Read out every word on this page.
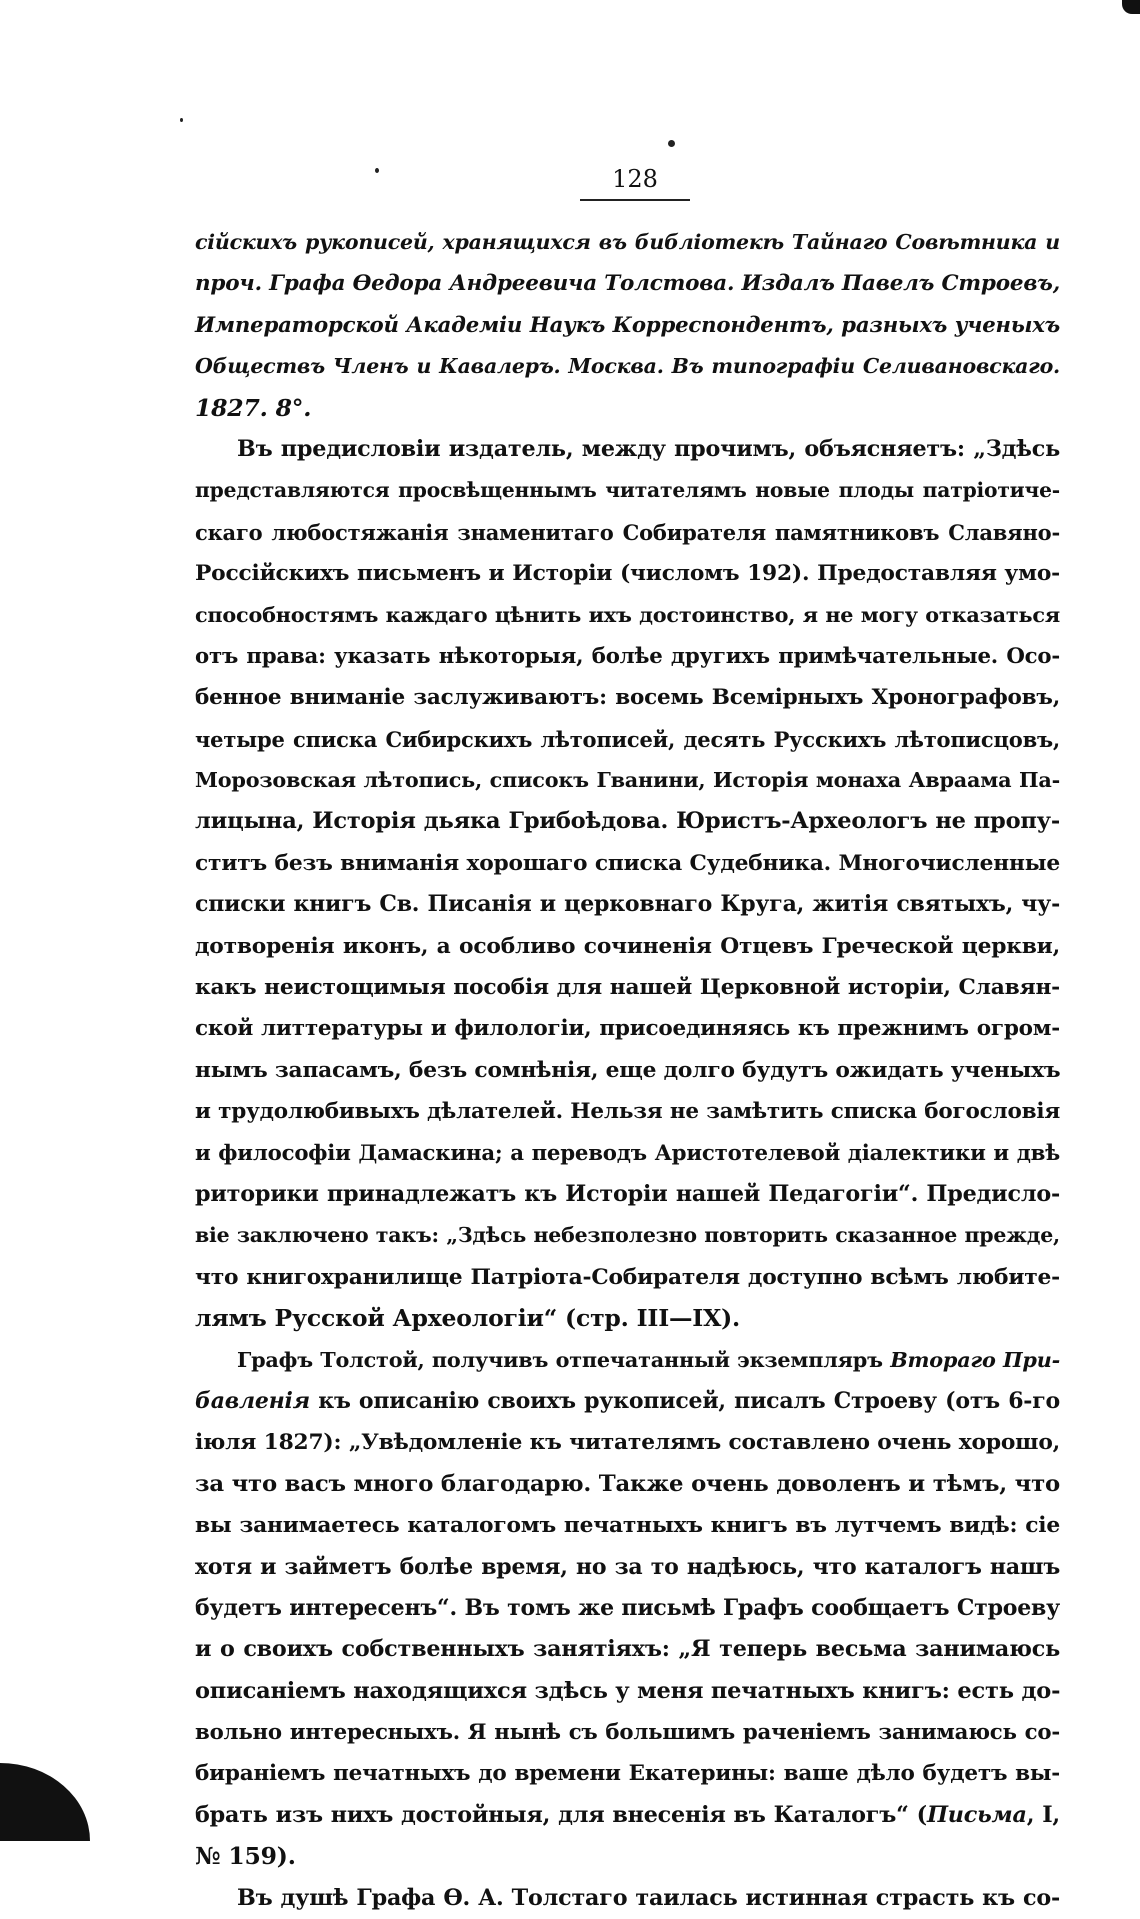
128
сійскихъ рукописей, хранящихся въ библіотекѣ Тайнаго Совѣтника и
проч. Графа Ѳедора Андреевича Толстова. Издалъ Павелъ Строевъ,
Императорской Академіи Наукъ Корреспондентъ, разныхъ ученыхъ
Обществъ Членъ и Кавалеръ. Москва. Въ типографіи Селивановскаго.
1827. 8°.
Въ предисловіи издатель, между прочимъ, объясняетъ: „Здѣсь
представляются просвѣщеннымъ читателямъ новые плоды патріотиче-
скаго любостяжанія знаменитаго Собирателя памятниковъ Славяно-
Россійскихъ письменъ и Исторіи (числомъ 192). Предоставляя умо-
способностямъ каждаго цѣнить ихъ достоинство, я не могу отказаться
отъ права: указать нѣкоторыя, болѣе другихъ примѣчательные. Осо-
бенное вниманіе заслуживаютъ: восемь Всемірныхъ Хронографовъ,
четыре списка Сибирскихъ лѣтописей, десять Русскихъ лѣтописцовъ,
Морозовская лѣтопись, списокъ Гванини, Исторія монаха Авраама Па-
лицына, Исторія дьяка Грибоѣдова. Юристъ-Археологъ не пропу-
ститъ безъ вниманія хорошаго списка Судебника. Многочисленные
списки книгъ Св. Писанія и церковнаго Круга, житія святыхъ, чу-
дотворенія иконъ, а особливо сочиненія Отцевъ Греческой церкви,
какъ неистощимыя пособія для нашей Церковной исторіи, Славян-
ской литтературы и филологіи, присоединяясь къ прежнимъ огром-
нымъ запасамъ, безъ сомнѣнія, еще долго будутъ ожидать ученыхъ
и трудолюбивыхъ дѣлателей. Нельзя не замѣтить списка богословія
и философіи Дамаскина; а переводъ Аристотелевой діалектики и двѣ
риторики принадлежатъ къ Исторіи нашей Педагогіи“. Предисло-
віе заключено такъ: „Здѣсь небезполезно повторить сказанное прежде,
что книгохранилище Патріота-Собирателя доступно всѣмъ любите-
лямъ Русской Археологіи“ (стр. III—IX).
Графъ Толстой, получивъ отпечатанный экземпляръ Втораго При-
бавленія къ описанію своихъ рукописей, писалъ Строеву (отъ 6-го
іюля 1827): „Увѣдомленіе къ читателямъ составлено очень хорошо,
за что васъ много благодарю. Также очень доволенъ и тѣмъ, что
вы занимаетесь каталогомъ печатныхъ книгъ въ лутчемъ видѣ: сіе
хотя и займетъ болѣе время, но за то надѣюсь, что каталогъ нашъ
будетъ интересенъ“. Въ томъ же письмѣ Графъ сообщаетъ Строеву
и о своихъ собственныхъ занятіяхъ: „Я теперь весьма занимаюсь
описаніемъ находящихся здѣсь у меня печатныхъ книгъ: есть до-
вольно интересныхъ. Я нынѣ съ большимъ раченіемъ занимаюсь со-
бираніемъ печатныхъ до времени Екатерины: ваше дѣло будетъ вы-
брать изъ нихъ достойныя, для внесенія въ Каталогъ“ (Письма, I,
№ 159).
Въ душѣ Графа Ѳ. А. Толстаго таилась истинная страсть къ со-
